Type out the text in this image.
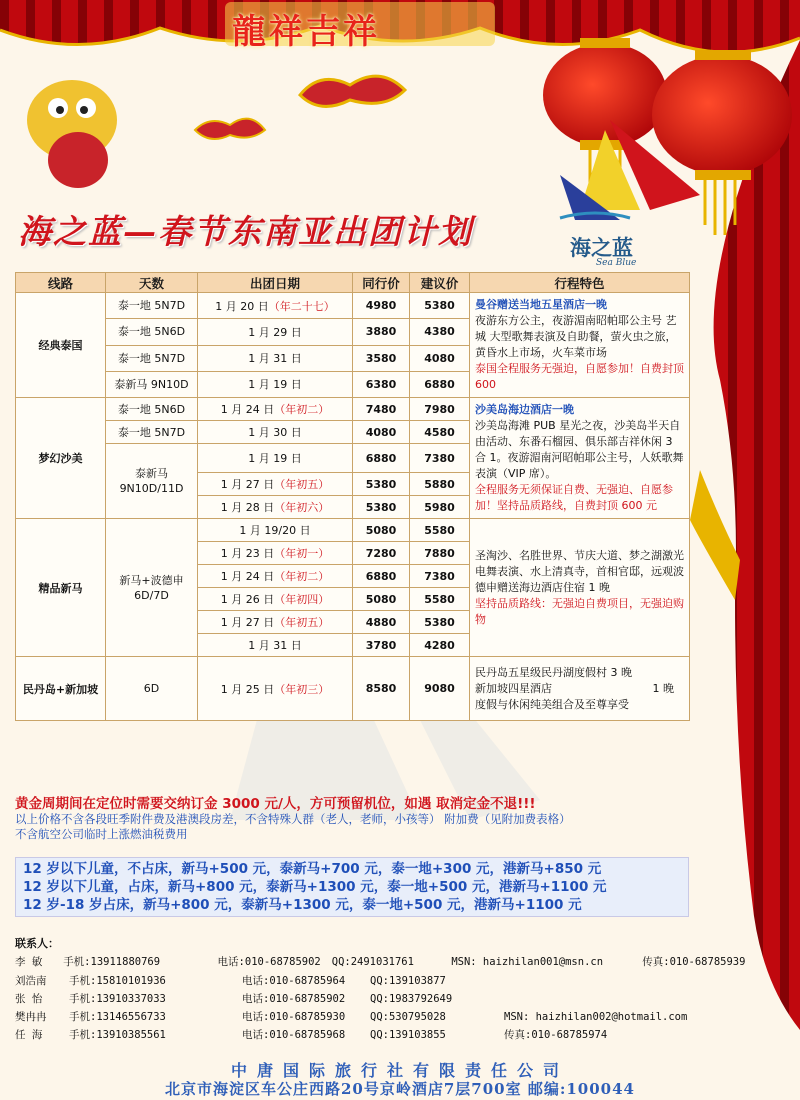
龍祥吉祥
海之蓝—春节东南亚出团计划	海之蓝
Sea Blue
线路	天数	出团日期	同行价	建议价	行程特色
经典泰国	泰一地 5N7D	1 月 20 日（年二十七）	4980	5380	曼谷赠送当地五星酒店一晚
夜游东方公主，夜游湄南昭帕耶公主号 艺城 大型歌舞表演及自助餐，萤火虫之旅，黄昏水上市场，火车菜市场
泰国全程服务无强迫，自愿参加！自费封顶 600

	泰一地 5N6D	1 月 29 日	3880	4380	
	泰一地 5N7D	1 月 31 日	3580	4080	
	泰新马 9N10D	1 月 19 日	6380	6880	
梦幻沙美	泰一地 5N6D	1 月 24 日（年初二）	7480	7980	沙美岛海边酒店一晚
沙美岛海滩 PUB 星光之夜，沙美岛半天自由活动、东番石榴园、俱乐部吉祥休闲 3 合 1。夜游湄南河昭帕耶公主号，人妖歌舞表演（VIP 席）。
全程服务无须保证自费、无强迫、自愿参加！坚持品质路线，自费封顶 600 元

	泰一地 5N7D	1 月 30 日	4080	4580	
	泰新马 9N10D/11D	1 月 19 日	6880	7380	
		1 月 27 日（年初五）	5380	5880	
		1 月 28 日（年初六）	5380	5980	
精品新马	新马+波德申 6D/7D	1 月 19/20 日	5080	5580	圣淘沙、名胜世界、节庆大道、梦之湖激光电舞表演、水上清真寺，首相官邸，远观波德申赠送海边酒店住宿 1 晚
坚持品质路线：无强迫自费项目，无强迫购物

		1 月 23 日（年初一）	7280	7880	
		1 月 24 日（年初二）	6880	7380	
		1 月 26 日（年初四）	5080	5580	
		1 月 27 日（年初五）	4880	5380	
		1 月 31 日	3780	4280	
民丹岛+新加坡	6D	1 月 25 日（年初三）	8580	9080	民丹岛五星级民丹湖度假村 3 晚
新加坡四星酒店 1 晚
度假与休闲纯美组合及至尊享受
黄金周期间在定位时需要交纳订金 3000 元/人，方可预留机位，如遇 取消定金不退!!!
以上价格不含各段旺季附件费及港澳段房差，不含特殊人群（老人，老师，小孩等） 附加费（见附加费表格）
不含航空公司临时上涨燃油税费用
12 岁以下儿童，不占床，新马+500 元，泰新马+700 元，泰一地+300 元，港新马+850 元
12 岁以下儿童，占床，新马+800 元，泰新马+1300 元，泰一地+500 元，港新马+1100 元
12 岁-18 岁占床，新马+800 元，泰新马+1300 元，泰一地+500 元，港新马+1100 元
联系人：
李 敏	手机:13911880769	电话:010-68785902	QQ:2491031761	MSN: haizhilan001@msn.cn	传真:010-68785939
刘浩南	手机:15810101936	电话:010-68785964	QQ:139103877
张 怡	手机:13910337033	电话:010-68785902	QQ:1983792649
樊冉冉	手机:13146556733	电话:010-68785930	QQ:530795028	MSN: haizhilan002@hotmail.com
任 海	手机:13910385561	电话:010-68785968	QQ:139103855	传真:010-68785974
中唐国际旅行社有限责任公司
北京市海淀区车公庄西路20号京岭酒店7层700室 邮编:100044
